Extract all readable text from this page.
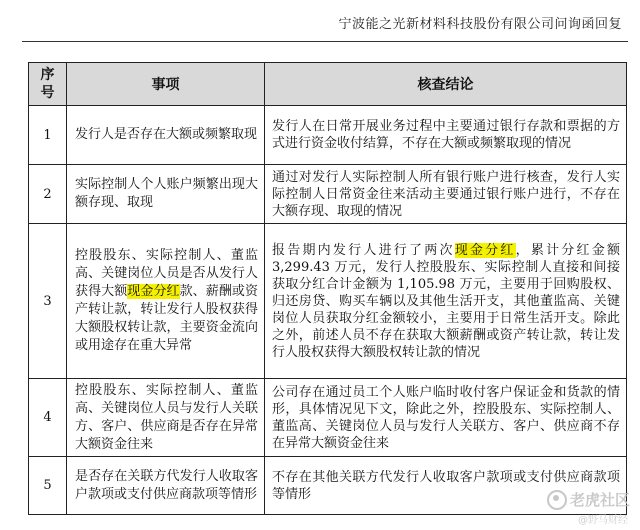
宁波能之光新材料科技股份有限公司问询函回复
序号	事项	核查结论
1	发行人是否存在大额或频繁取现	发行人在日常开展业务过程中主要通过银行存款和票据的方式进行资金收付结算，不存在大额或频繁取现的情况
2	实际控制人个人账户频繁出现大额存现、取现	通过对发行人实际控制人所有银行账户进行核查，发行人实际控制人日常资金往来活动主要通过银行账户进行，不存在大额存现、取现的情况
3	控股股东、实际控制人、董监高、关键岗位人员是否从发行人获得大额现金分红款、薪酬或资产转让款，转让发行人股权获得大额股权转让款，主要资金流向或用途存在重大异常	报告期内发行人进行了两次现金分红，累计分红金额3,299.43 万元，发行人控股股东、实际控制人直接和间接获取分红合计金额为 1,105.98 万元，主要用于回购股权、归还房贷、购买车辆以及其他生活开支，其他董监高、关键岗位人员获取分红金额较小，主要用于日常生活开支。除此之外，前述人员不存在获取大额薪酬或资产转让款，转让发行人股权获得大额股权转让款的情况
4	控股股东、实际控制人、董监高、关键岗位人员与发行人关联方、客户、供应商是否存在异常大额资金往来	公司存在通过员工个人账户临时收付客户保证金和货款的情形，具体情况见下文，除此之外，控股股东、实际控制人、董监高、关键岗位人员与发行人关联方、客户、供应商不存在异常大额资金往来
5	是否存在关联方代发行人收取客户款项或支付供应商款项等情形	不存在其他关联方代发行人收取客户款项或支付供应商款项等情形	老虎社区
@野马财经
